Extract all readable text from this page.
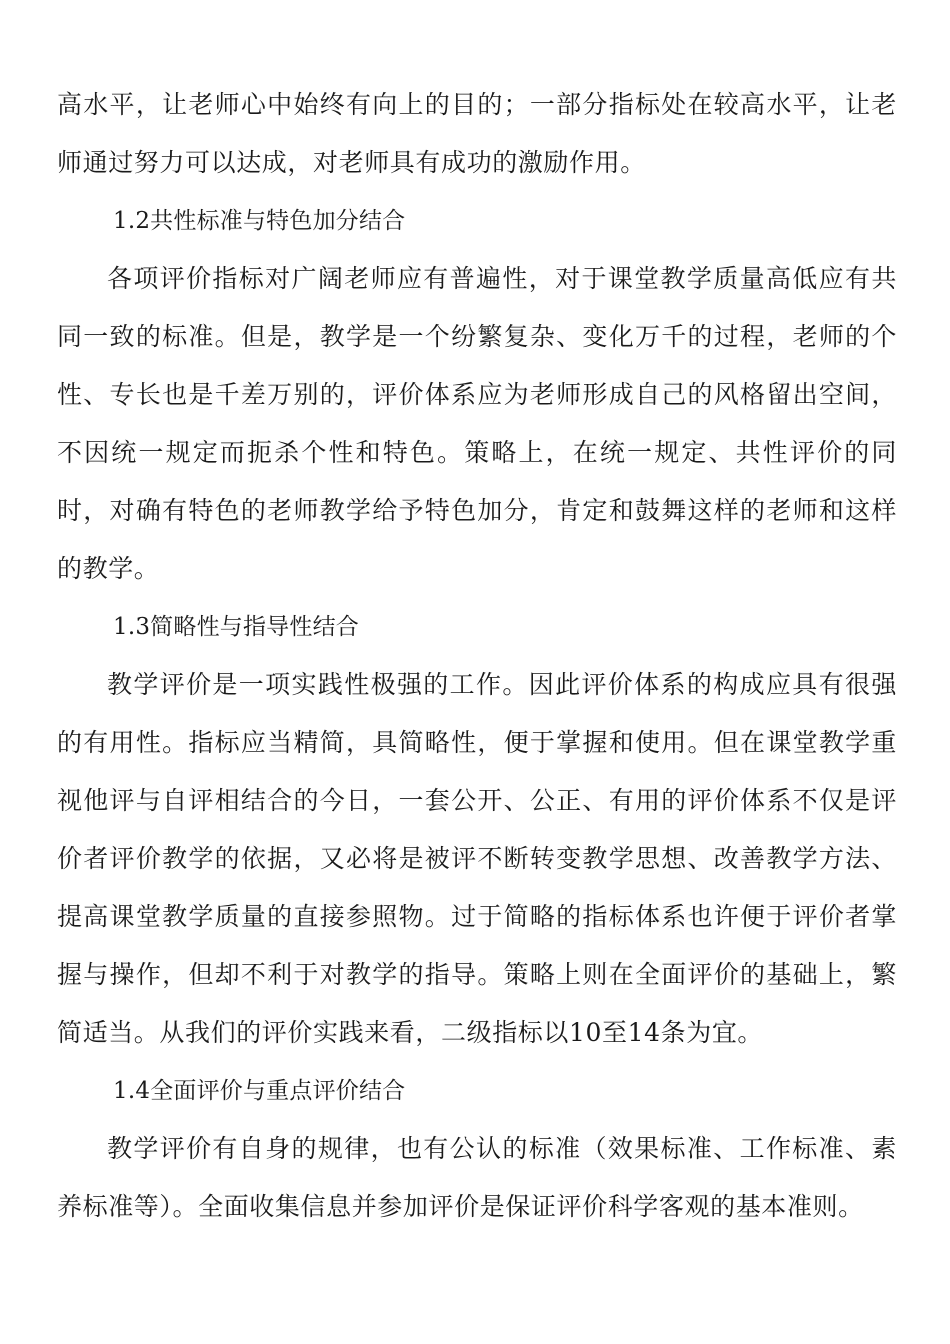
高水平，让老师心中始终有向上的目的；一部分指标处在较高水平，让老师通过努力可以达成，对老师具有成功的激励作用。

1.2共性标准与特色加分结合

各项评价指标对广阔老师应有普遍性，对于课堂教学质量高低应有共同一致的标准。但是，教学是一个纷繁复杂、变化万千的过程，老师的个性、专长也是千差万别的，评价体系应为老师形成自己的风格留出空间，不因统一规定而扼杀个性和特色。策略上，在统一规定、共性评价的同时，对确有特色的老师教学给予特色加分，肯定和鼓舞这样的老师和这样的教学。

1.3简略性与指导性结合

教学评价是一项实践性极强的工作。因此评价体系的构成应具有很强的有用性。指标应当精简，具简略性，便于掌握和使用。但在课堂教学重视他评与自评相结合的今日，一套公开、公正、有用的评价体系不仅是评价者评价教学的依据，又必将是被评不断转变教学思想、改善教学方法、提高课堂教学质量的直接参照物。过于简略的指标体系也许便于评价者掌握与操作，但却不利于对教学的指导。策略上则在全面评价的基础上，繁简适当。从我们的评价实践来看，二级指标以10至14条为宜。

1.4全面评价与重点评价结合

教学评价有自身的规律，也有公认的标准（效果标准、工作标准、素养标准等）。全面收集信息并参加评价是保证评价科学客观的基本准则。
